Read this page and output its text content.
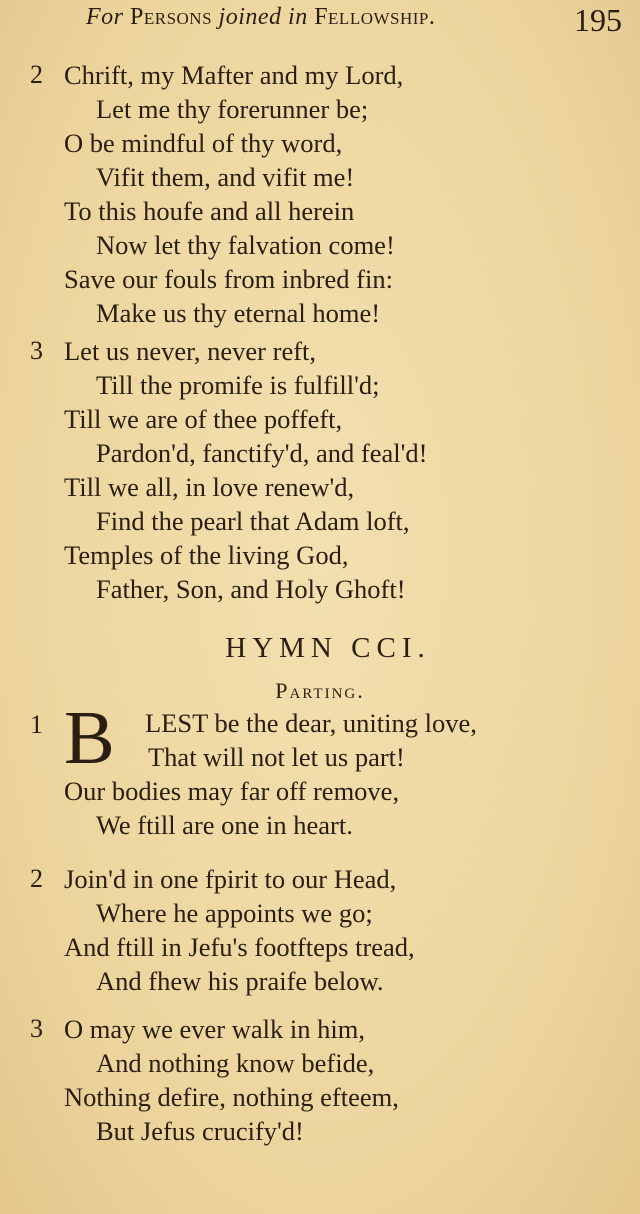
For Persons joined in Fellowship.	195
2 Chrift, my Mafter and my Lord,
Let me thy forerunner be;
O be mindful of thy word,
Vifit them, and vifit me!
To this houfe and all herein
Now let thy falvation come!
Save our fouls from inbred fin:
Make us thy eternal home!
3 Let us never, never reft,
Till the promife is fulfill'd;
Till we are of thee poffeft,
Pardon'd, fanctify'd, and feal'd!
Till we all, in love renew'd,
Find the pearl that Adam loft,
Temples of the living God,
Father, Son, and Holy Ghoft!
HYMN CCI.
Parting.
1	LEST be the dear, uniting love,
That will not let us part!
Our bodies may far off remove,
We ftill are one in heart.
B
2 Join'd in one fpirit to our Head,
Where he appoints we go;
And ftill in Jefu's footfteps tread,
And fhew his praife below.
3 O may we ever walk in him,
And nothing know befide,
Nothing defire, nothing efteem,
But Jefus crucify'd!
